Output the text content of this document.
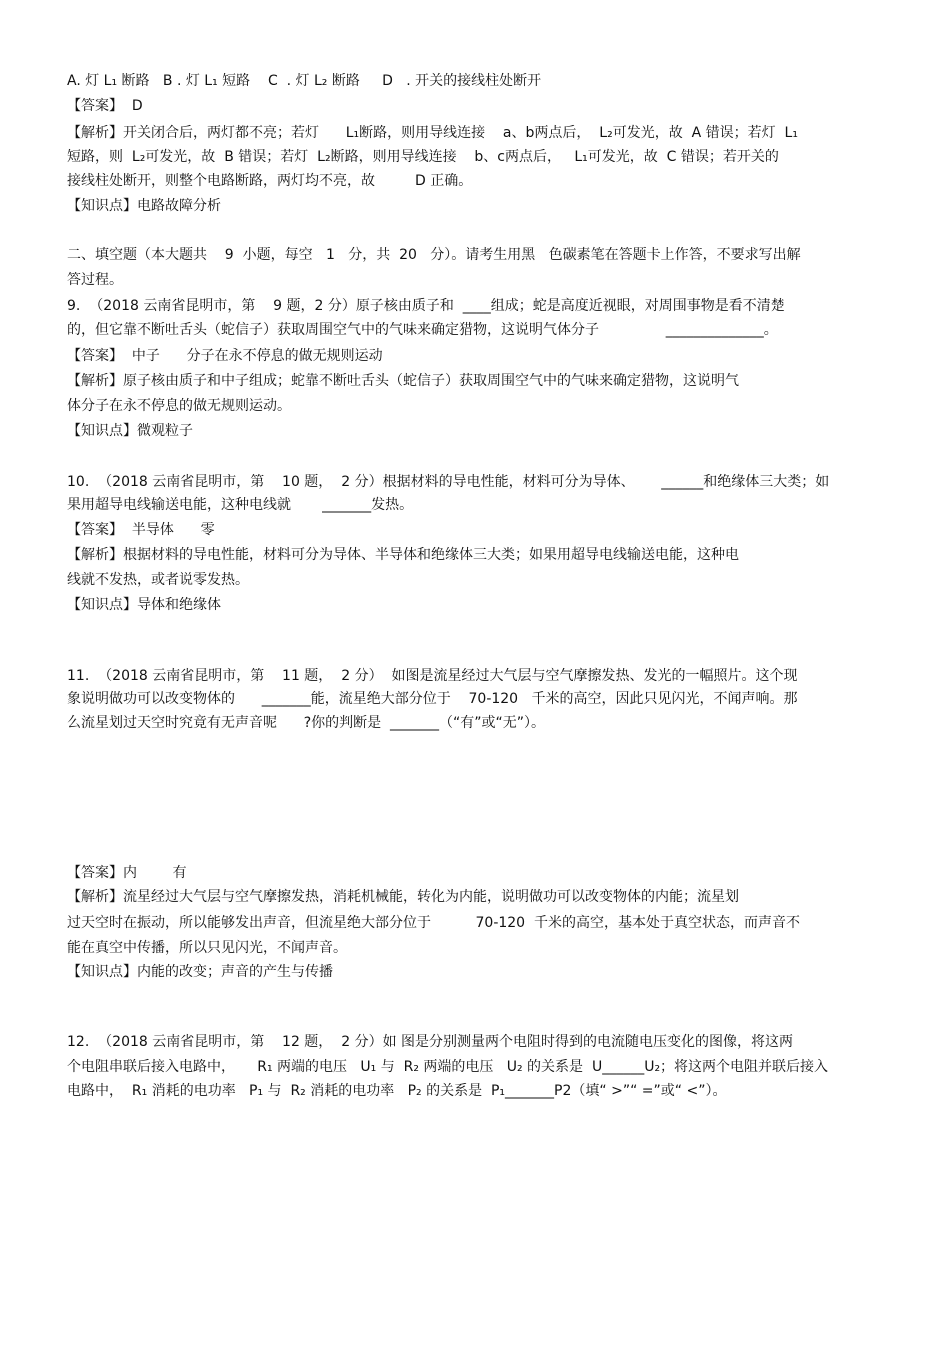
A. 灯 L₁ 断路   B . 灯 L₁ 短路    C  . 灯 L₂ 断路     D   . 开关的接线柱处断开

【答案】  D

【解析】开关闭合后，两灯都不亮；若灯      L₁断路，则用导线连接    a、b两点后，  L₂可发光，故  A 错误；若灯  L₁

短路，则  L₂可发光，故  B 错误；若灯  L₂断路，则用导线连接    b、c两点后，   L₁可发光，故  C 错误；若开关的

接线柱处断开，则整个电路断路，两灯均不亮，故         D 正确。

【知识点】电路故障分析

二、填空题（本大题共    9  小题，每空   1   分，共  20   分）。请考生用黑   色碳素笔在答题卡上作答，不要求写出解

答过程。

9.  （2018 云南省昆明市，第    9 题，2 分）原子核由质子和  ____组成；蛇是高度近视眼，对周围事物是看不清楚

的，但它靠不断吐舌头（蛇信子）获取周围空气中的气味来确定猎物，这说明气体分子               ______________。

【答案】  中子      分子在永不停息的做无规则运动

【解析】原子核由质子和中子组成；蛇靠不断吐舌头（蛇信子）获取周围空气中的气味来确定猎物，这说明气

体分子在永不停息的做无规则运动。

【知识点】微观粒子

10.  （2018 云南省昆明市，第    10 题，  2 分）根据材料的导电性能，材料可分为导体、      ______和绝缘体三大类；如

果用超导电线输送电能，这种电线就       _______发热。

【答案】  半导体      零

【解析】根据材料的导电性能，材料可分为导体、半导体和绝缘体三大类；如果用超导电线输送电能，这种电

线就不发热，或者说零发热。

【知识点】导体和绝缘体

11.  （2018 云南省昆明市，第    11 题，  2 分）  如图是流星经过大气层与空气摩擦发热、发光的一幅照片。这个现

象说明做功可以改变物体的      _______能，流星绝大部分位于    70-120   千米的高空，因此只见闪光，不闻声响。那

么流星划过天空时究竟有无声音呢      ?你的判断是  _______（“有”或“无”）。

【答案】内        有

【解析】流星经过大气层与空气摩擦发热，消耗机械能，转化为内能，说明做功可以改变物体的内能；流星划

过天空时在振动，所以能够发出声音，但流星绝大部分位于          70-120  千米的高空，基本处于真空状态，而声音不

能在真空中传播，所以只见闪光，不闻声音。

【知识点】内能的改变；声音的产生与传播

12.  （2018 云南省昆明市，第    12 题，  2 分）如 图是分别测量两个电阻时得到的电流随电压变化的图像，将这两

个电阻串联后接入电路中，     R₁ 两端的电压   U₁ 与  R₂ 两端的电压   U₂ 的关系是  U______U₂；将这两个电阻并联后接入

电路中，  R₁ 消耗的电功率   P₁ 与  R₂ 消耗的电功率   P₂ 的关系是  P₁_______P2（填“ >”“ =”或“ <”）。
